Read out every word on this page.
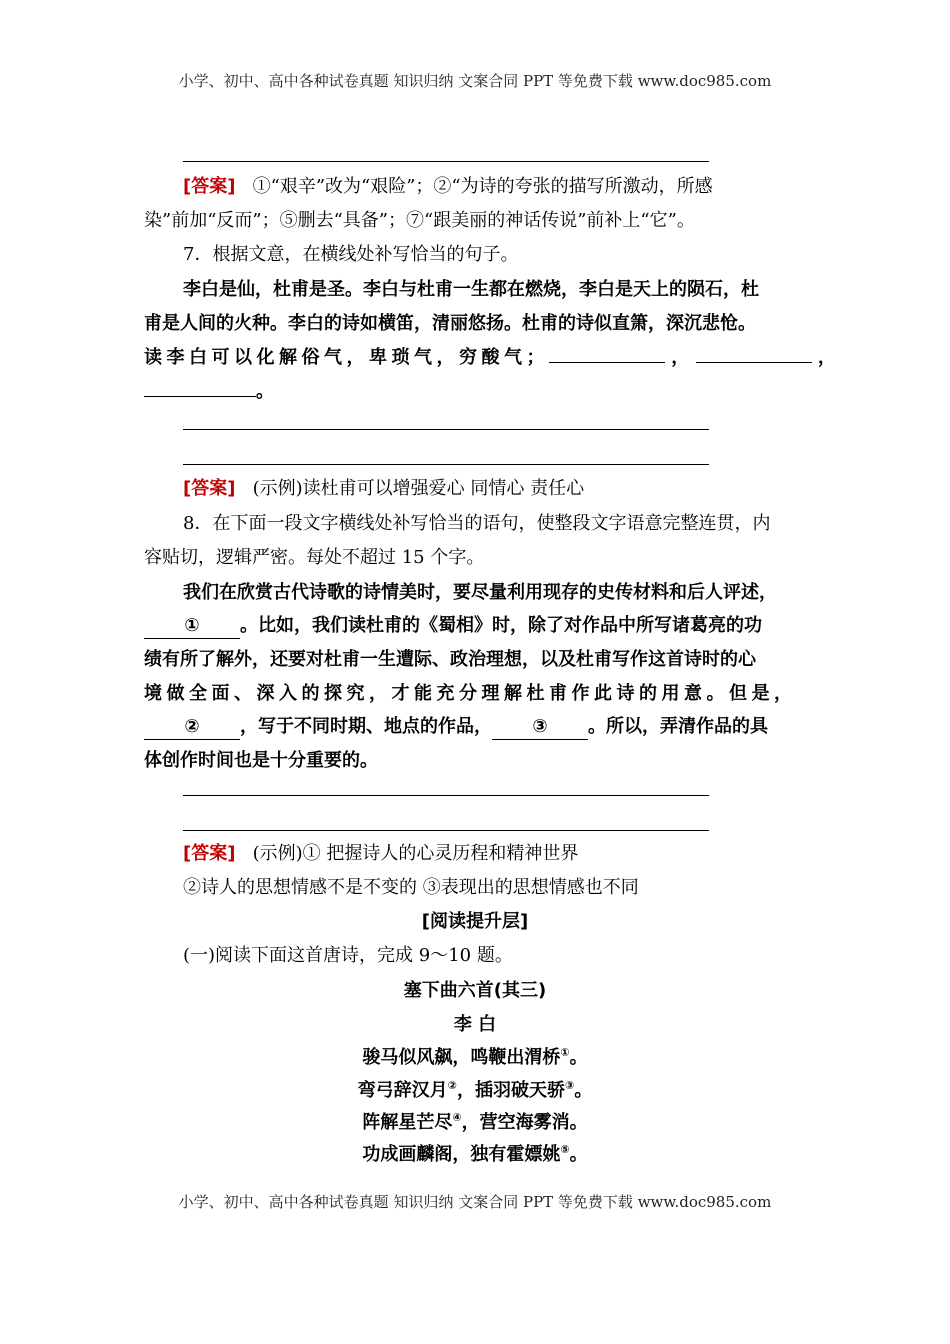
小学、初中、高中各种试卷真题 知识归纳 文案合同 PPT 等免费下载 www.doc985.com
[答案] ①“艰辛”改为“艰险”；②“为诗的夸张的描写所激动，所感
染”前加“反而”；⑤删去“具备”；⑦“跟美丽的神话传说”前补上“它”。
7．根据文意，在横线处补写恰当的句子。
李白是仙，杜甫是圣。李白与杜甫一生都在燃烧，李白是天上的陨石，杜
甫是人间的火种。李白的诗如横笛，清丽悠扬。杜甫的诗似直箫，深沉悲怆。
读李白可以化解俗气，卑琐气，穷酸气；	，	，
。
[答案] (示例)读杜甫可以增强爱心 同情心 责任心
8．在下面一段文字横线处补写恰当的语句，使整段文字语意完整连贯，内
容贴切，逻辑严密。每处不超过 15 个字。
我们在欣赏古代诗歌的诗情美时，要尽量利用现存的史传材料和后人评述，
① 。比如，我们读杜甫的《蜀相》时，除了对作品中所写诸葛亮的功
绩有所了解外，还要对杜甫一生遭际、政治理想，以及杜甫写作这首诗时的心
境做全面、深入的探究，才能充分理解杜甫作此诗的用意。但是，
② ，写于不同时期、地点的作品， ③ 。所以，弄清作品的具
体创作时间也是十分重要的。
[答案] (示例)① 把握诗人的心灵历程和精神世界
②诗人的思想情感不是不变的 ③表现出的思想情感也不同
[阅读提升层]
(一)阅读下面这首唐诗，完成 9～10 题。
塞下曲六首(其三)
李 白
骏马似风飙，鸣鞭出渭桥①。
弯弓辞汉月②，插羽破天骄③。
阵解星芒尽④，营空海雾消。
功成画麟阁，独有霍嫖姚⑤。
小学、初中、高中各种试卷真题 知识归纳 文案合同 PPT 等免费下载 www.doc985.com
